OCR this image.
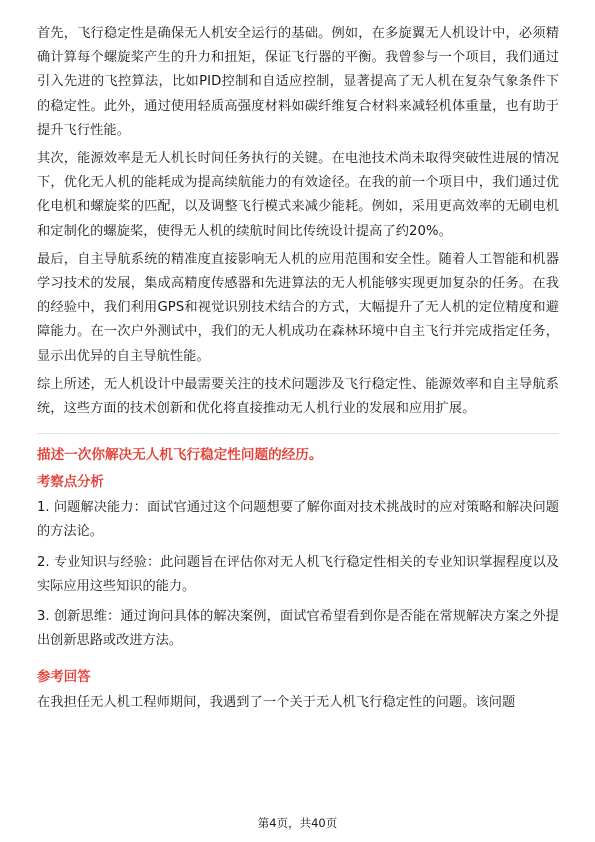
首先，飞行稳定性是确保无人机安全运行的基础。例如，在多旋翼无人机设计中，必须精确计算每个螺旋桨产生的升力和扭矩，保证飞行器的平衡。我曾参与一个项目，我们通过引入先进的飞控算法，比如PID控制和自适应控制，显著提高了无人机在复杂气象条件下的稳定性。此外，通过使用轻质高强度材料如碳纤维复合材料来减轻机体重量，也有助于提升飞行性能。

其次，能源效率是无人机长时间任务执行的关键。在电池技术尚未取得突破性进展的情况下，优化无人机的能耗成为提高续航能力的有效途径。在我的前一个项目中，我们通过优化电机和螺旋桨的匹配，以及调整飞行模式来减少能耗。例如，采用更高效率的无刷电机和定制化的螺旋桨，使得无人机的续航时间比传统设计提高了约20%。

最后，自主导航系统的精准度直接影响无人机的应用范围和安全性。随着人工智能和机器学习技术的发展，集成高精度传感器和先进算法的无人机能够实现更加复杂的任务。在我的经验中，我们利用GPS和视觉识别技术结合的方式，大幅提升了无人机的定位精度和避障能力。在一次户外测试中，我们的无人机成功在森林环境中自主飞行并完成指定任务，显示出优异的自主导航性能。

综上所述，无人机设计中最需要关注的技术问题涉及飞行稳定性、能源效率和自主导航系统，这些方面的技术创新和优化将直接推动无人机行业的发展和应用扩展。

描述一次你解决无人机飞行稳定性问题的经历。
考察点分析
1. 问题解决能力：面试官通过这个问题想要了解你面对技术挑战时的应对策略和解决问题的方法论。
2. 专业知识与经验：此问题旨在评估你对无人机飞行稳定性相关的专业知识掌握程度以及实际应用这些知识的能力。
3. 创新思维：通过询问具体的解决案例，面试官希望看到你是否能在常规解决方案之外提出创新思路或改进方法。
参考回答

在我担任无人机工程师期间，我遇到了一个关于无人机飞行稳定性的问题。该问题

第4页，共40页
